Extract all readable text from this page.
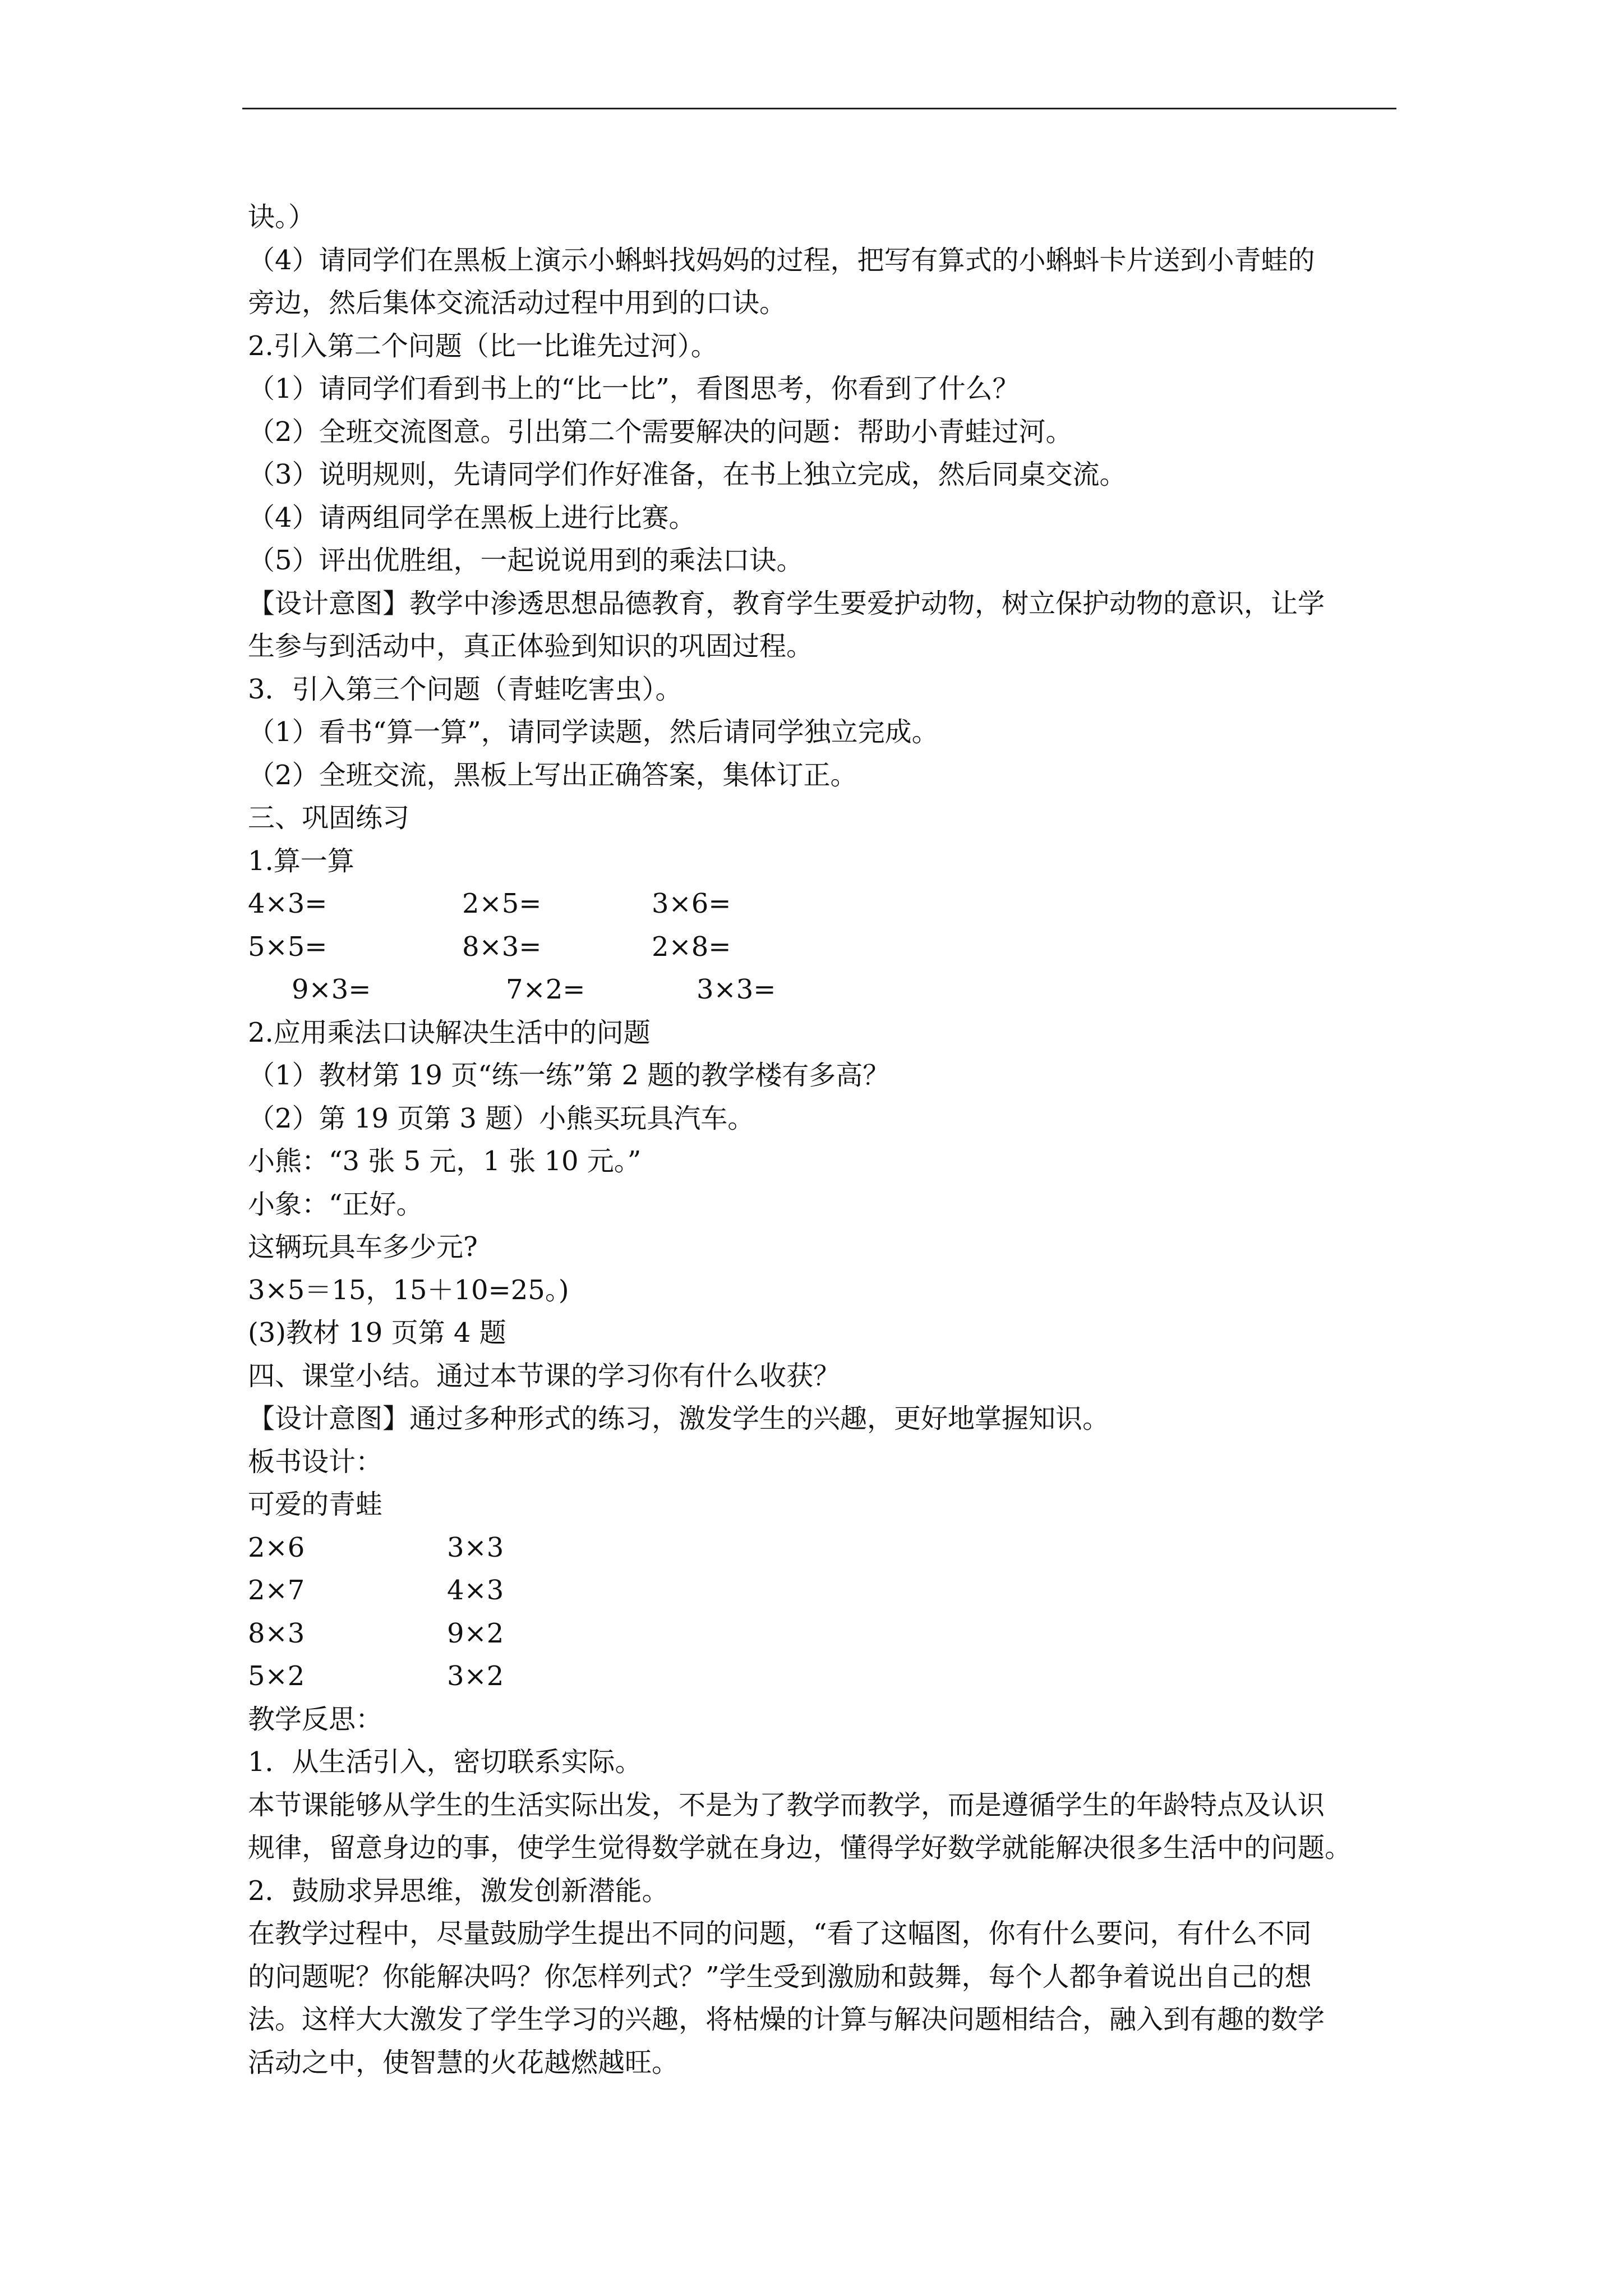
诀。）
（4）请同学们在黑板上演示小蝌蚪找妈妈的过程，把写有算式的小蝌蚪卡片送到小青蛙的
旁边，然后集体交流活动过程中用到的口诀。
2.引入第二个问题（比一比谁先过河）。
（1）请同学们看到书上的“比一比”，看图思考，你看到了什么？
（2）全班交流图意。引出第二个需要解决的问题：帮助小青蛙过河。
（3）说明规则，先请同学们作好准备，在书上独立完成，然后同桌交流。
（4）请两组同学在黑板上进行比赛。
（5）评出优胜组，一起说说用到的乘法口诀。
【设计意图】教学中渗透思想品德教育，教育学生要爱护动物，树立保护动物的意识，让学
生参与到活动中，真正体验到知识的巩固过程。
3．引入第三个问题（青蛙吃害虫）。
（1）看书“算一算”，请同学读题，然后请同学独立完成。
（2）全班交流，黑板上写出正确答案，集体订正。
三、巩固练习
1.算一算
4×3=	2×5=	3×6=
5×5=	8×3=	2×8=
9×3=	7×2=	3×3=
2.应用乘法口诀解决生活中的问题
（1）教材第 19 页“练一练”第 2 题的教学楼有多高？
（2）第 19 页第 3 题）小熊买玩具汽车。
小熊：“3 张 5 元，1 张 10 元。”
小象：“正好。
这辆玩具车多少元?
3×5＝15，15＋10=25。)
(3)教材 19 页第 4 题
四、课堂小结。通过本节课的学习你有什么收获？
【设计意图】通过多种形式的练习，激发学生的兴趣，更好地掌握知识。
板书设计：
可爱的青蛙
2×6	3×3
2×7	4×3
8×3	9×2
5×2	3×2
教学反思：
1．从生活引入，密切联系实际。
本节课能够从学生的生活实际出发，不是为了教学而教学，而是遵循学生的年龄特点及认识
规律，留意身边的事，使学生觉得数学就在身边，懂得学好数学就能解决很多生活中的问题。
2．鼓励求异思维，激发创新潜能。
在教学过程中，尽量鼓励学生提出不同的问题，“看了这幅图，你有什么要问，有什么不同
的问题呢？你能解决吗？你怎样列式？”学生受到激励和鼓舞，每个人都争着说出自己的想
法。这样大大激发了学生学习的兴趣，将枯燥的计算与解决问题相结合，融入到有趣的数学
活动之中，使智慧的火花越燃越旺。
